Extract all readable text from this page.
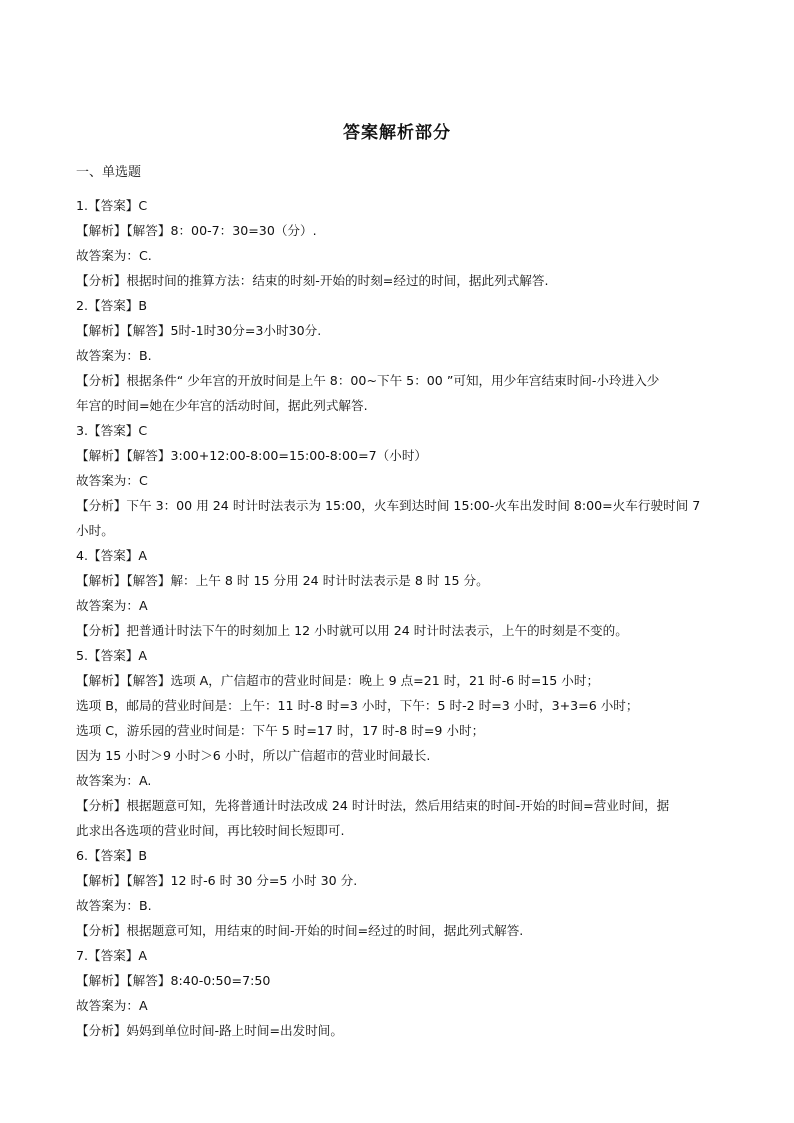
答案解析部分
一、单选题
1.【答案】C
【解析】【解答】8：00-7：30=30（分）.
故答案为：C.
【分析】根据时间的推算方法：结束的时刻-开始的时刻=经过的时间，据此列式解答.
2.【答案】B
【解析】【解答】5时-1时30分=3小时30分.
故答案为：B.
【分析】根据条件“ 少年宫的开放时间是上午 8：00~下午 5：00 ”可知，用少年宫结束时间-小玲进入少
年宫的时间=她在少年宫的活动时间，据此列式解答.
3.【答案】C
【解析】【解答】3:00+12:00-8:00=15:00-8:00=7（小时）
故答案为：C
【分析】下午 3：00 用 24 时计时法表示为 15:00，火车到达时间 15:00-火车出发时间 8:00=火车行驶时间 7
小时。
4.【答案】A
【解析】【解答】解：上午 8 时 15 分用 24 时计时法表示是 8 时 15 分。
故答案为：A
【分析】把普通计时法下午的时刻加上 12 小时就可以用 24 时计时法表示，上午的时刻是不变的。
5.【答案】A
【解析】【解答】选项 A，广信超市的营业时间是：晚上 9 点=21 时，21 时-6 时=15 小时；
选项 B，邮局的营业时间是：上午：11 时-8 时=3 小时，下午：5 时-2 时=3 小时，3+3=6 小时；
选项 C，游乐园的营业时间是：下午 5 时=17 时，17 时-8 时=9 小时；
因为 15 小时＞9 小时＞6 小时，所以广信超市的营业时间最长.
故答案为：A.
【分析】根据题意可知，先将普通计时法改成 24 时计时法，然后用结束的时间-开始的时间=营业时间，据
此求出各选项的营业时间，再比较时间长短即可.
6.【答案】B
【解析】【解答】12 时-6 时 30 分=5 小时 30 分.
故答案为：B.
【分析】根据题意可知，用结束的时间-开始的时间=经过的时间，据此列式解答.
7.【答案】A
【解析】【解答】8:40-0:50=7:50
故答案为：A
【分析】妈妈到单位时间-路上时间=出发时间。
